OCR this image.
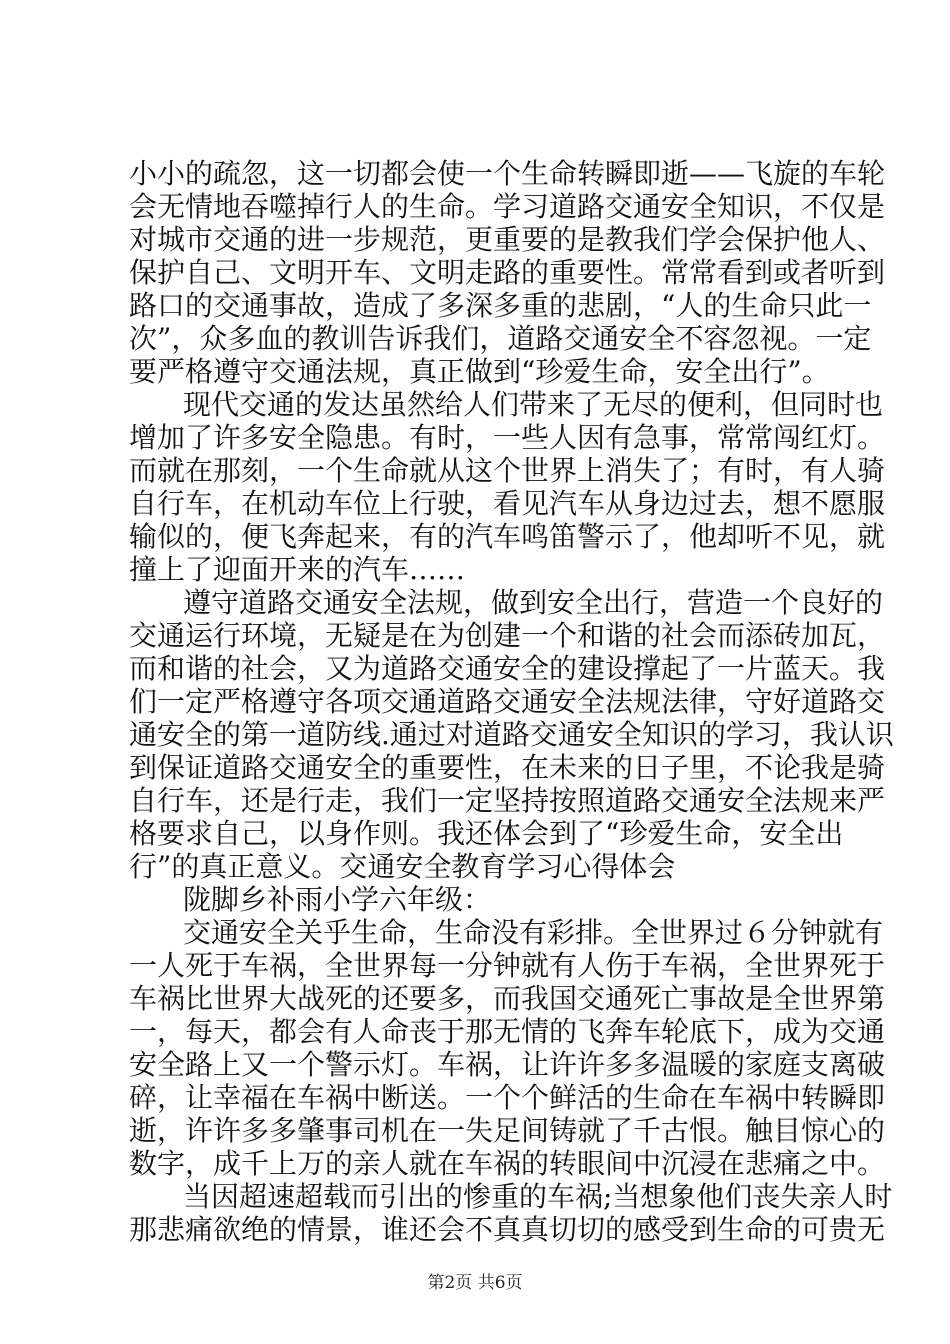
小小的疏忽，这一切都会使一个生命转瞬即逝——飞旋的车轮
会无情地吞噬掉行人的生命。学习道路交通安全知识，不仅是
对城市交通的进一步规范，更重要的是教我们学会保护他人、
保护自己、文明开车、文明走路的重要性。常常看到或者听到
路口的交通事故，造成了多深多重的悲剧，“人的生命只此一
次”，众多血的教训告诉我们，道路交通安全不容忽视。一定
要严格遵守交通法规，真正做到“珍爱生命，安全出行”。
现代交通的发达虽然给人们带来了无尽的便利，但同时也
增加了许多安全隐患。有时，一些人因有急事，常常闯红灯。
而就在那刻，一个生命就从这个世界上消失了；有时，有人骑
自行车，在机动车位上行驶，看见汽车从身边过去，想不愿服
输似的，便飞奔起来，有的汽车鸣笛警示了，他却听不见，就
撞上了迎面开来的汽车……
遵守道路交通安全法规，做到安全出行，营造一个良好的
交通运行环境，无疑是在为创建一个和谐的社会而添砖加瓦，
而和谐的社会，又为道路交通安全的建设撑起了一片蓝天。我
们一定严格遵守各项交通道路交通安全法规法律，守好道路交
通安全的第一道防线.通过对道路交通安全知识的学习，我认识
到保证道路交通安全的重要性，在未来的日子里，不论我是骑
自行车，还是行走，我们一定坚持按照道路交通安全法规来严
格要求自己，以身作则。我还体会到了“珍爱生命，安全出
行”的真正意义。交通安全教育学习心得体会
陇脚乡补雨小学六年级：
交通安全关乎生命，生命没有彩排。全世界过６分钟就有
一人死于车祸，全世界每一分钟就有人伤于车祸，全世界死于
车祸比世界大战死的还要多，而我国交通死亡事故是全世界第
一，每天，都会有人命丧于那无情的飞奔车轮底下，成为交通
安全路上又一个警示灯。车祸，让许许多多温暖的家庭支离破
碎，让幸福在车祸中断送。一个个鲜活的生命在车祸中转瞬即
逝，许许多多肇事司机在一失足间铸就了千古恨。触目惊心的
数字，成千上万的亲人就在车祸的转眼间中沉浸在悲痛之中。
当因超速超载而引出的惨重的车祸;当想象他们丧失亲人时
那悲痛欲绝的情景，谁还会不真真切切的感受到生命的可贵无
第2页 共6页
